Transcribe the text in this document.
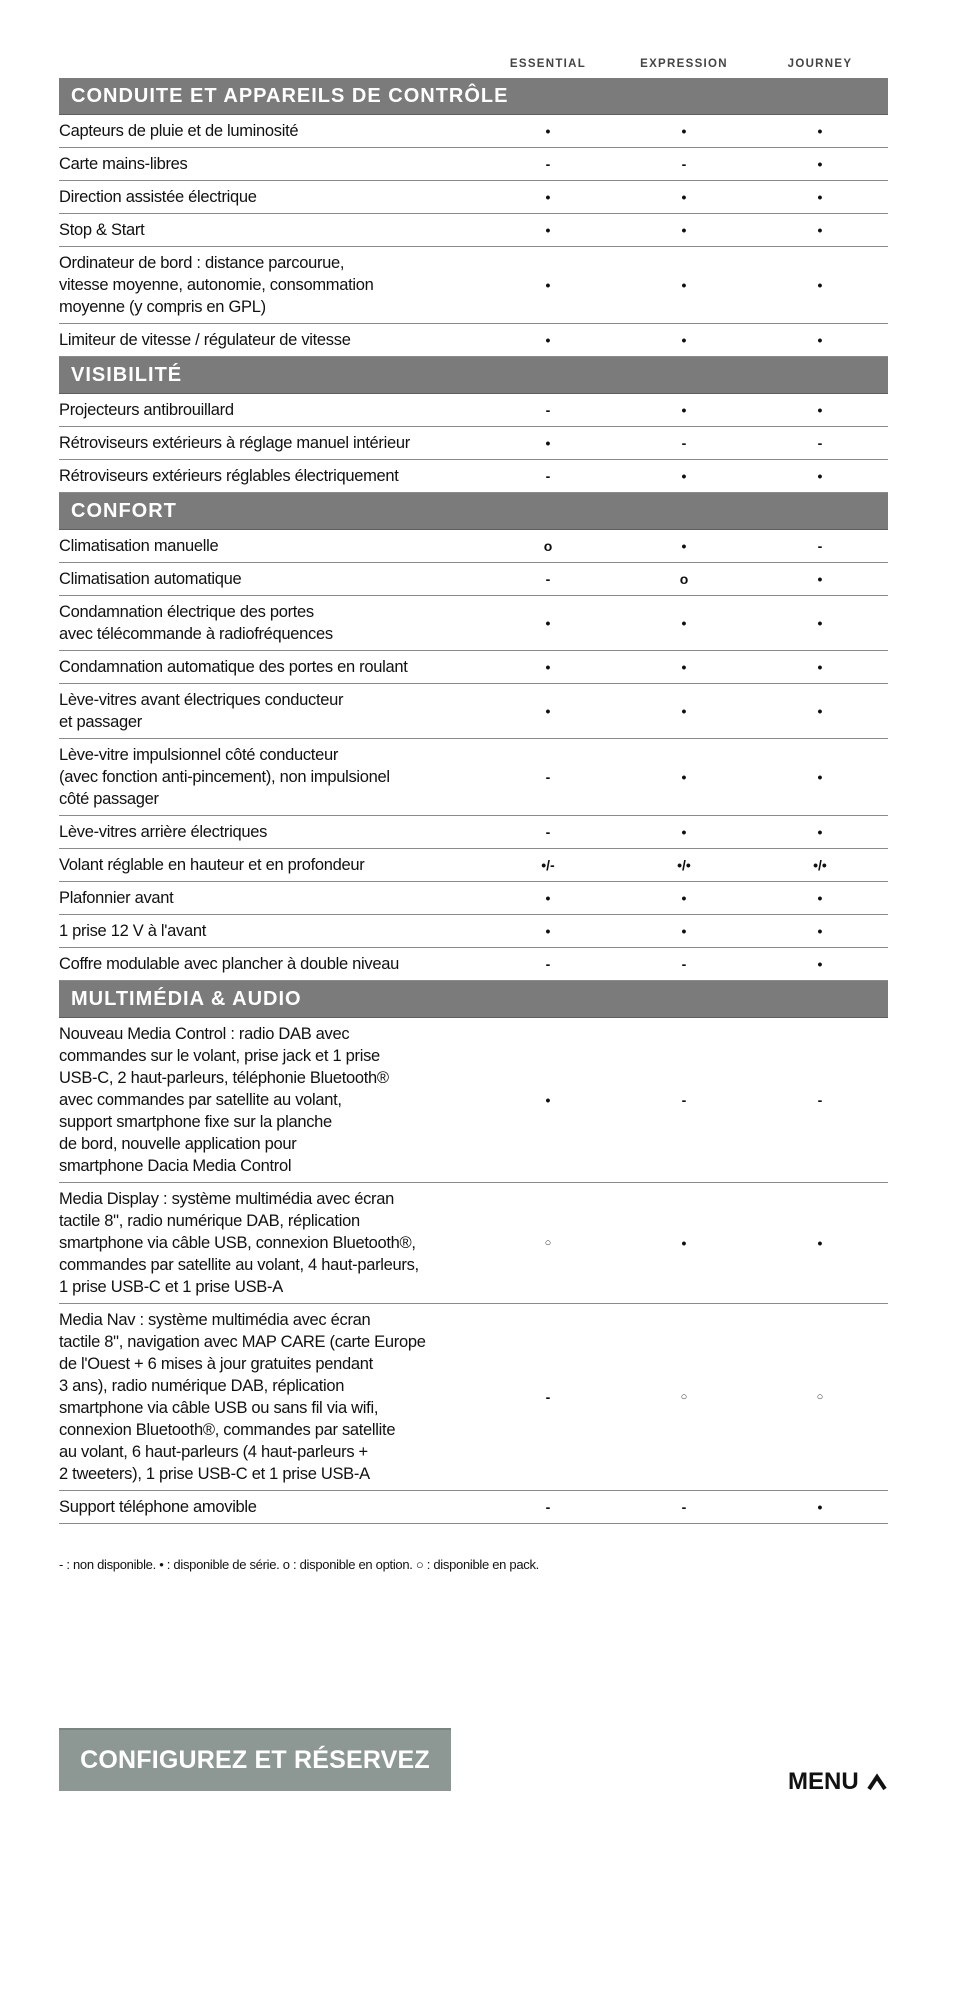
ESSENTIAL	EXPRESSION	JOURNEY
CONDUITE ET APPAREILS DE CONTRÔLE
Capteurs de pluie et de luminosité	•	•	•
Carte mains-libres	-	-	•
Direction assistée électrique	•	•	•
Stop & Start	•	•	•
Ordinateur de bord : distance parcourue,
vitesse moyenne, autonomie, consommation
moyenne (y compris en GPL)
•	•	•
Limiteur de vitesse / régulateur de vitesse	•	•	•
VISIBILITÉ
Projecteurs antibrouillard	-	•	•
Rétroviseurs extérieurs à réglage manuel intérieur	•	-	-
Rétroviseurs extérieurs réglables électriquement	-	•	•
CONFORT
Climatisation manuelle	o	•	-
Climatisation automatique	-	o	•
Condamnation électrique des portes
avec télécommande à radiofréquences
•	•	•
Condamnation automatique des portes en roulant	•	•	•
Lève-vitres avant électriques conducteur
et passager
•	•	•
Lève-vitre impulsionnel côté conducteur
(avec fonction anti-pincement), non impulsionel
côté passager
-	•	•
Lève-vitres arrière électriques	-	•	•
Volant réglable en hauteur et en profondeur	•/-	•/•	•/•
Plafonnier avant	•	•	•
1 prise 12 V à l'avant	•	•	•
Coffre modulable avec plancher à double niveau	-	-	•
MULTIMÉDIA & AUDIO
Nouveau Media Control : radio DAB avec
commandes sur le volant, prise jack et 1 prise
USB-C, 2 haut-parleurs, téléphonie Bluetooth®
avec commandes par satellite au volant,
support smartphone fixe sur la planche
de bord, nouvelle application pour
smartphone Dacia Media Control
•	-	-
Media Display : système multimédia avec écran
tactile 8", radio numérique DAB, réplication
smartphone via câble USB, connexion Bluetooth®,
commandes par satellite au volant, 4 haut-parleurs,
1 prise USB-C et 1 prise USB-A
○	•	•
Media Nav : système multimédia avec écran
tactile 8", navigation avec MAP CARE (carte Europe
de l'Ouest + 6 mises à jour gratuites pendant
3 ans), radio numérique DAB, réplication
smartphone via câble USB ou sans fil via wifi,
connexion Bluetooth®, commandes par satellite
au volant, 6 haut-parleurs (4 haut-parleurs +
2 tweeters), 1 prise USB-C et 1 prise USB-A
-	○	○
Support téléphone amovible	-	-	•
- : non disponible. • : disponible de série. o : disponible en option. ○ : disponible en pack.
CONFIGUREZ ET RÉSERVEZ
MENU
